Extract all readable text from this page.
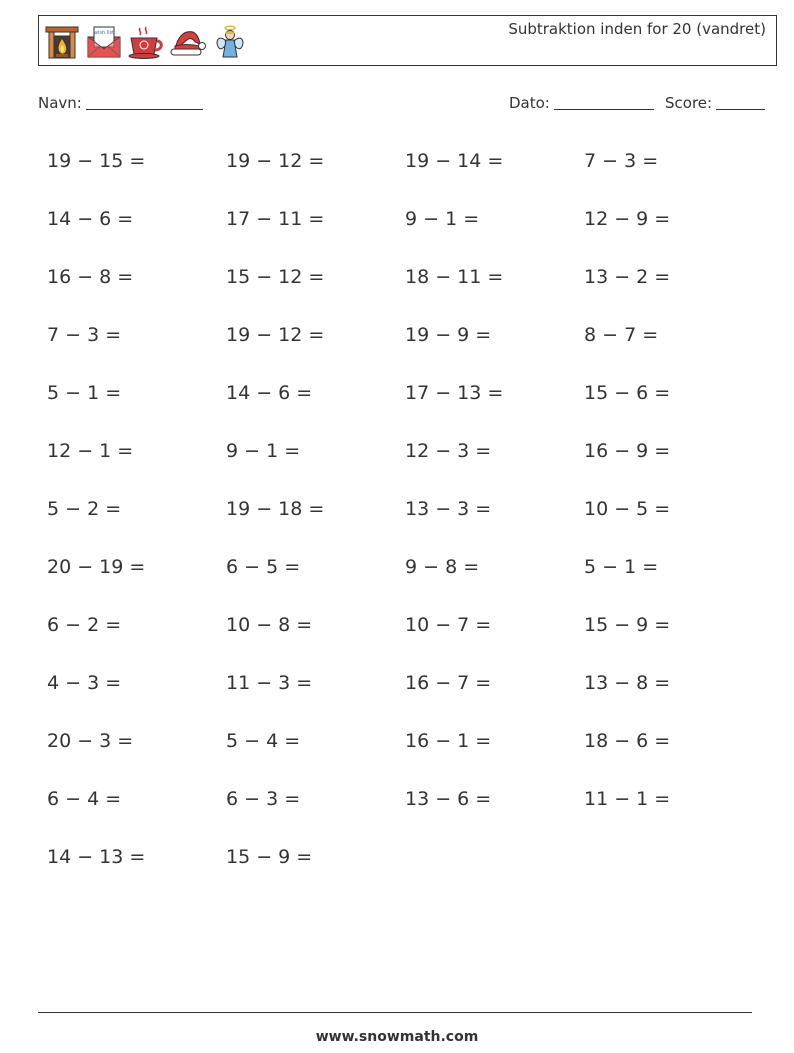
wish list	Subtraktion inden for 20 (vandret)
Navn:	Dato:	Score:
19 − 15 =	19 − 12 =	19 − 14 =	7 − 3 =
14 − 6 =	17 − 11 =	9 − 1 =	12 − 9 =
16 − 8 =	15 − 12 =	18 − 11 =	13 − 2 =
7 − 3 =	19 − 12 =	19 − 9 =	8 − 7 =
5 − 1 =	14 − 6 =	17 − 13 =	15 − 6 =
12 − 1 =	9 − 1 =	12 − 3 =	16 − 9 =
5 − 2 =	19 − 18 =	13 − 3 =	10 − 5 =
20 − 19 =	6 − 5 =	9 − 8 =	5 − 1 =
6 − 2 =	10 − 8 =	10 − 7 =	15 − 9 =
4 − 3 =	11 − 3 =	16 − 7 =	13 − 8 =
20 − 3 =	5 − 4 =	16 − 1 =	18 − 6 =
6 − 4 =	6 − 3 =	13 − 6 =	11 − 1 =
14 − 13 =	15 − 9 =
www.snowmath.com
